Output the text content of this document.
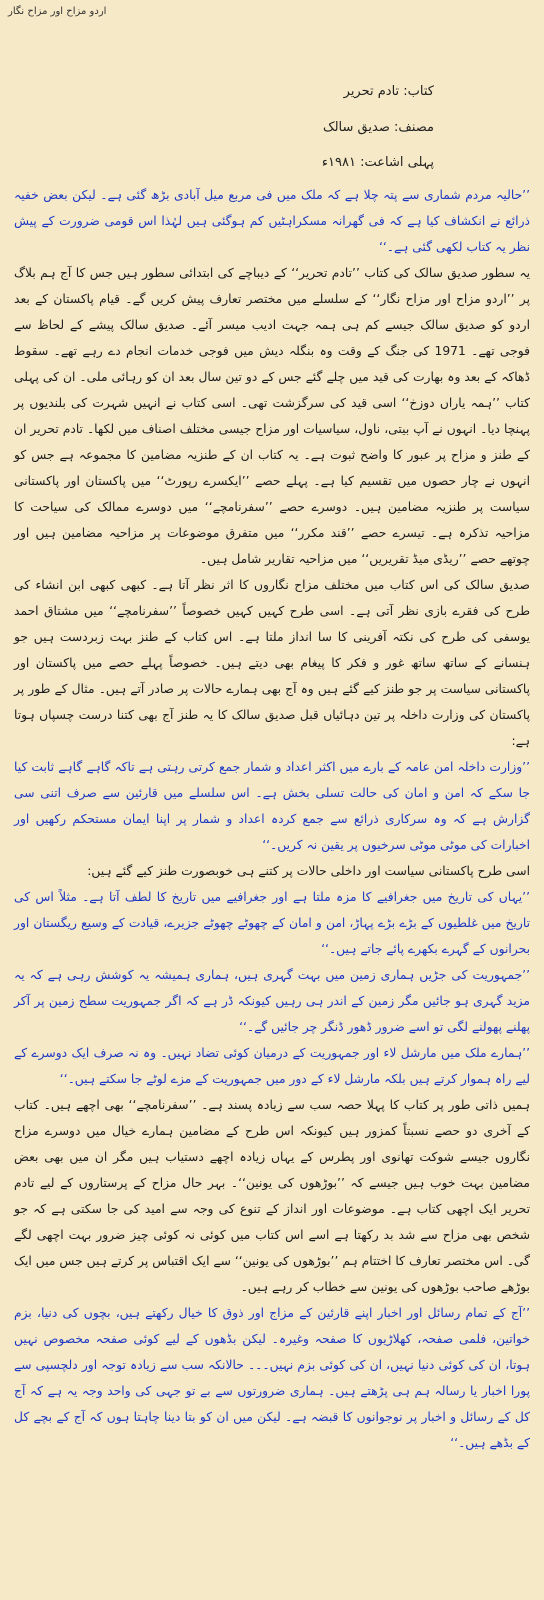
اردو مزاح اور مزاح نگار
کتاب: تادم تحریر
مصنف: صدیق سالک
پہلی اشاعت: ۱۹۸۱ء

’’حالیہ مردم شماری سے پتہ چلا ہے کہ ملک میں فی مربع میل آبادی بڑھ گئی ہے۔ لیکن بعض خفیہ ذرائع نے انکشاف کیا ہے کہ فی گھرانہ مسکراہٹیں کم ہوگئی ہیں لہٰذا اس قومی ضرورت کے پیش نظر یہ کتاب لکھی گئی ہے۔‘‘

یہ سطور صدیق سالک کی کتاب ’’تادم تحریر‘‘ کے دیباچے کی ابتدائی سطور ہیں جس کا آج ہم بلاگ پر ’’اردو مزاح اور مزاح نگار‘‘ کے سلسلے میں مختصر تعارف پیش کریں گے۔ قیام پاکستان کے بعد اردو کو صدیق سالک جیسے کم ہی ہمہ جہت ادیب میسر آئے۔ صدیق سالک پیشے کے لحاظ سے فوجی تھے۔ 1971 کی جنگ کے وقت وہ بنگلہ دیش میں فوجی خدمات انجام دے رہے تھے۔ سقوط ڈھاکہ کے بعد وہ بھارت کی قید میں چلے گئے جس کے دو تین سال بعد ان کو رہائی ملی۔ ان کی پہلی کتاب ’’ہمہ یاراں دوزخ‘‘ اسی قید کی سرگزشت تھی۔ اسی کتاب نے انہیں شہرت کی بلندیوں پر پہنچا دیا۔ انہوں نے آپ بیتی، ناول، سیاسیات اور مزاح جیسی مختلف اصناف میں لکھا۔ تادم تحریر ان کے طنز و مزاح پر عبور کا واضح ثبوت ہے۔ یہ کتاب ان کے طنزیہ مضامین کا مجموعہ ہے جس کو انہوں نے چار حصوں میں تقسیم کیا ہے۔ پہلے حصے ’’ایکسرے رپورٹ‘‘ میں پاکستان اور پاکستانی سیاست پر طنزیہ مضامین ہیں۔ دوسرے حصے ’’سفرنامچے‘‘ میں دوسرے ممالک کی سیاحت کا مزاحیہ تذکرہ ہے۔ تیسرے حصے ’’قند مکرر‘‘ میں متفرق موضوعات پر مزاحیہ مضامین ہیں اور چوتھے حصے ’’ریڈی میڈ تقریریں‘‘ میں مزاحیہ تقاریر شامل ہیں۔

صدیق سالک کی اس کتاب میں مختلف مزاح نگاروں کا اثر نظر آتا ہے۔ کبھی کبھی ابن انشاء کی طرح کی فقرے بازی نظر آتی ہے۔ اسی طرح کہیں کہیں خصوصاً ’’سفرنامچے‘‘ میں مشتاق احمد یوسفی کی طرح کی نکتہ آفرینی کا سا انداز ملتا ہے۔ اس کتاب کے طنز بہت زبردست ہیں جو ہنسانے کے ساتھ ساتھ غور و فکر کا پیغام بھی دیتے ہیں۔ خصوصاً پہلے حصے میں پاکستان اور پاکستانی سیاست پر جو طنز کیے گئے ہیں وہ آج بھی ہمارے حالات پر صادر آتے ہیں۔ مثال کے طور پر پاکستان کی وزارت داخلہ پر تین دہائیاں قبل صدیق سالک کا یہ طنز آج بھی کتنا درست چسپاں ہوتا ہے:

’’وزارت داخلہ امن عامہ کے بارے میں اکثر اعداد و شمار جمع کرتی رہتی ہے تاکہ گاہے گاہے ثابت کیا جا سکے کہ امن و امان کی حالت تسلی بخش ہے۔ اس سلسلے میں قارئین سے صرف اتنی سی گزارش ہے کہ وہ سرکاری ذرائع سے جمع کردہ اعداد و شمار پر اپنا ایمان مستحکم رکھیں اور اخبارات کی موٹی موٹی سرخیوں پر یقین نہ کریں۔‘‘

اسی طرح پاکستانی سیاست اور داخلی حالات پر کتنے ہی خوبصورت طنز کیے گئے ہیں:

’’یہاں کی تاریخ میں جغرافیے کا مزہ ملتا ہے اور جغرافیے میں تاریخ کا لطف آتا ہے۔ مثلاً اس کی تاریخ میں غلطیوں کے بڑے بڑے پہاڑ، امن و امان کے چھوٹے چھوٹے جزیرے، قیادت کے وسیع ریگستان اور بحرانوں کے گہرے بکھرے پائے جاتے ہیں۔‘‘

’’جمہوریت کی جڑیں ہماری زمین میں بہت گہری ہیں، ہماری ہمیشہ یہ کوشش رہی ہے کہ یہ مزید گہری ہو جائیں مگر زمین کے اندر ہی رہیں کیونکہ ڈر ہے کہ اگر جمہوریت سطح زمین پر آکر پھلنے پھولنے لگی تو اسے ضرور ڈھور ڈنگر چر جائیں گے۔‘‘

’’ہمارے ملک میں مارشل لاء اور جمہوریت کے درمیان کوئی تضاد نہیں۔ وہ نہ صرف ایک دوسرے کے لیے راہ ہموار کرتے ہیں بلکہ مارشل لاء کے دور میں جمہوریت کے مزے لوٹے جا سکتے ہیں۔‘‘

ہمیں ذاتی طور پر کتاب کا پہلا حصہ سب سے زیادہ پسند ہے۔ ’’سفرنامچے‘‘ بھی اچھے ہیں۔ کتاب کے آخری دو حصے نسبتاً کمزور ہیں کیونکہ اس طرح کے مضامین ہمارے خیال میں دوسرے مزاح نگاروں جیسے شوکت تھانوی اور پطرس کے یہاں زیادہ اچھے دستیاب ہیں مگر ان میں بھی بعض مضامین بہت خوب ہیں جیسے کہ ’’بوڑھوں کی یونین‘‘۔ بہر حال مزاح کے پرستاروں کے لیے تادم تحریر ایک اچھی کتاب ہے۔ موضوعات اور انداز کے تنوع کی وجہ سے امید کی جا سکتی ہے کہ جو شخص بھی مزاح سے شد بد رکھتا ہے اسے اس کتاب میں کوئی نہ کوئی چیز ضرور بہت اچھی لگے گی۔ اس مختصر تعارف کا اختتام ہم ’’بوڑھوں کی یونین‘‘ سے ایک اقتباس پر کرتے ہیں جس میں ایک بوڑھے صاحب بوڑھوں کی یونین سے خطاب کر رہے ہیں۔

’’آج کے تمام رسائل اور اخبار اپنے قارئین کے مزاج اور ذوق کا خیال رکھتے ہیں، بچوں کی دنیا، بزم خواتین، فلمی صفحہ، کھلاڑیوں کا صفحہ وغیرہ۔ لیکن بڈھوں کے لیے کوئی صفحہ مخصوص نہیں ہوتا، ان کی کوئی دنیا نہیں، ان کی کوئی بزم نہیں۔۔۔ حالانکہ سب سے زیادہ توجہ اور دلچسپی سے پورا اخبار یا رسالہ ہم ہی پڑھتے ہیں۔ ہماری ضرورتوں سے بے تو جہی کی واحد وجہ یہ ہے کہ آج کل کے رسائل و اخبار پر نوجوانوں کا قبضہ ہے۔ لیکن میں ان کو بتا دینا چاہتا ہوں کہ آج کے بچے کل کے بڈھے ہیں۔‘‘
